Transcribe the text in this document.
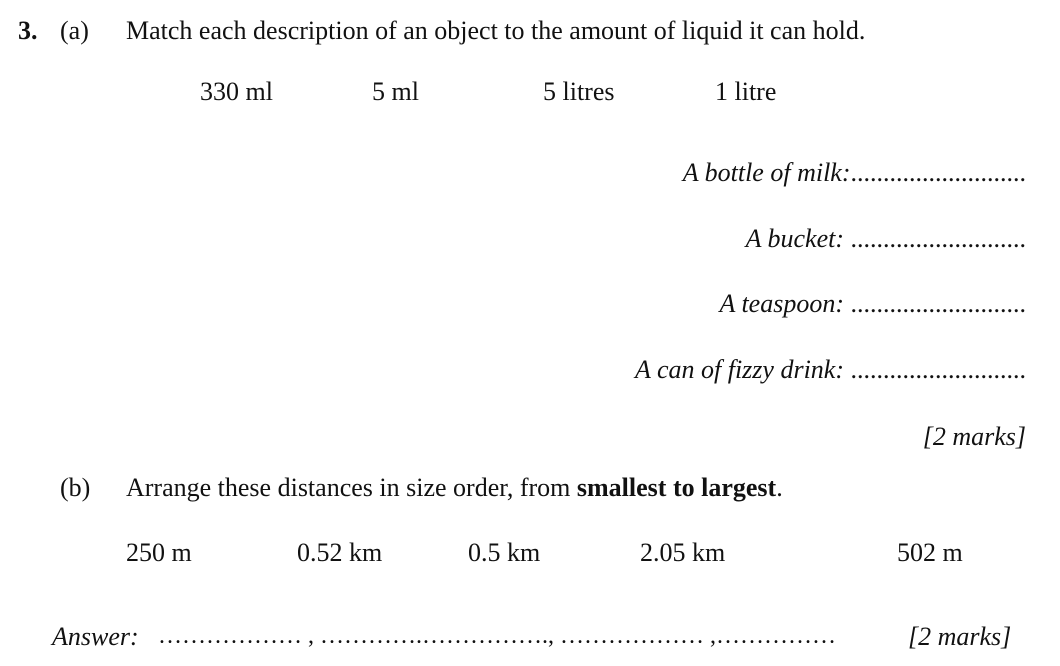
3. (a) Match each description of an object to the amount of liquid it can hold.
330 ml	5 ml	5 litres	1 litre
A bottle of milk:...........................
A bucket: ...........................
A teaspoon: ...........................
A can of fizzy drink: ...........................
[2 marks]
(b) Arrange these distances in size order, from smallest to largest.
250 m	0.52 km	0.5 km	2.05 km	502 m
Answer: ……………… , ………….……………., ……………… ,……………	[2 marks]
